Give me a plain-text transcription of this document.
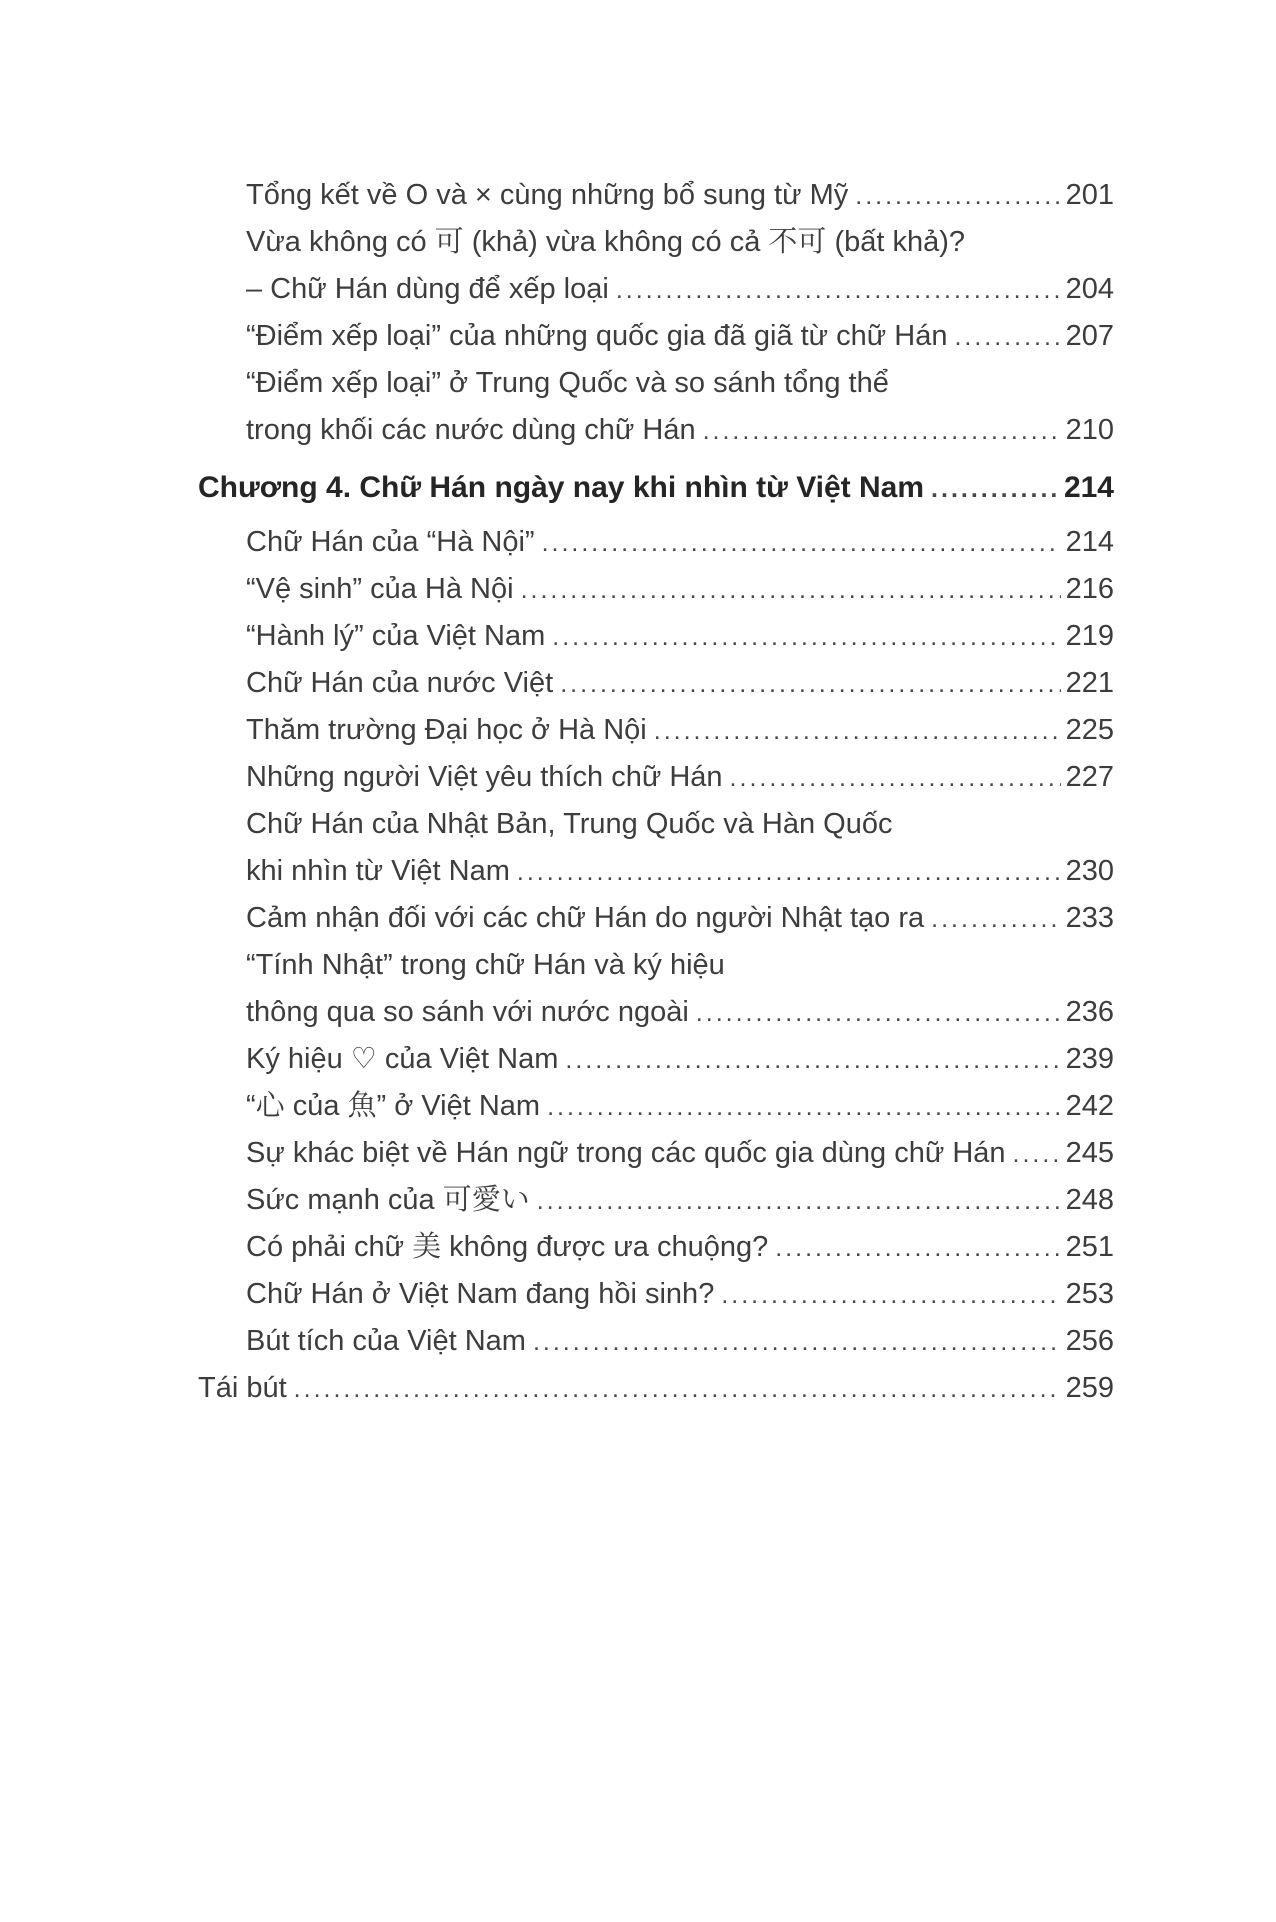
Tổng kết về O và × cùng những bổ sung từ Mỹ .....	201
Vừa không có 可 (khả) vừa không có cả 不可 (bất khả)?
– Chữ Hán dùng để xếp loại .....	204
“Điểm xếp loại” của những quốc gia đã giã từ chữ Hán .....	207
“Điểm xếp loại” ở Trung Quốc và so sánh tổng thể
trong khối các nước dùng chữ Hán .....	210
Chương 4. Chữ Hán ngày nay khi nhìn từ Việt Nam .....	214
Chữ Hán của “Hà Nội” .....	214
“Vệ sinh” của Hà Nội .....	216
“Hành lý” của Việt Nam .....	219
Chữ Hán của nước Việt .....	221
Thăm trường Đại học ở Hà Nội .....	225
Những người Việt yêu thích chữ Hán .....	227
Chữ Hán của Nhật Bản, Trung Quốc và Hàn Quốc
khi nhìn từ Việt Nam .....	230
Cảm nhận đối với các chữ Hán do người Nhật tạo ra .....	233
“Tính Nhật” trong chữ Hán và ký hiệu
thông qua so sánh với nước ngoài .....	236
Ký hiệu ♡ của Việt Nam .....	239
“心 của 魚” ở Việt Nam .....	242
Sự khác biệt về Hán ngữ trong các quốc gia dùng chữ Hán ..... 245
Sức mạnh của 可愛い .....	248
Có phải chữ 美 không được ưa chuộng? .....	251
Chữ Hán ở Việt Nam đang hồi sinh? .....	253
Bút tích của Việt Nam .....	256
Tái bút .....	259
